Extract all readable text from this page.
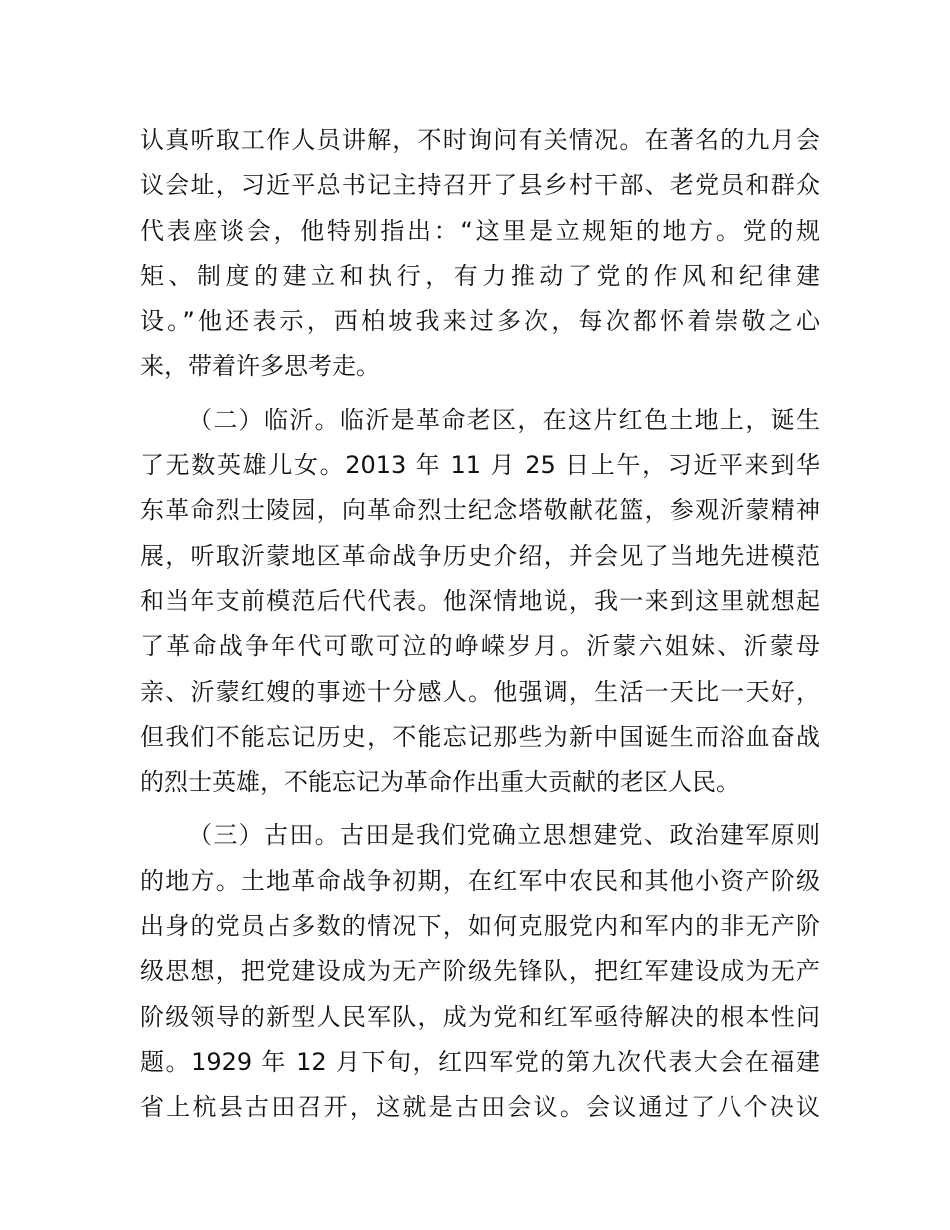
认真听取工作人员讲解，不时询问有关情况。在著名的九月会
议会址，习近平总书记主持召开了县乡村干部、老党员和群众
代表座谈会，他特别指出：“这里是立规矩的地方。党的规
矩、制度的建立和执行，有力推动了党的作风和纪律建
设。”他还表示，西柏坡我来过多次，每次都怀着崇敬之心
来，带着许多思考走。
（二）临沂。临沂是革命老区，在这片红色土地上，诞生
了无数英雄儿女。2013 年 11 月 25 日上午，习近平来到华
东革命烈士陵园，向革命烈士纪念塔敬献花篮，参观沂蒙精神
展，听取沂蒙地区革命战争历史介绍，并会见了当地先进模范
和当年支前模范后代代表。他深情地说，我一来到这里就想起
了革命战争年代可歌可泣的峥嵘岁月。沂蒙六姐妹、沂蒙母
亲、沂蒙红嫂的事迹十分感人。他强调，生活一天比一天好，
但我们不能忘记历史，不能忘记那些为新中国诞生而浴血奋战
的烈士英雄，不能忘记为革命作出重大贡献的老区人民。
（三）古田。古田是我们党确立思想建党、政治建军原则
的地方。土地革命战争初期，在红军中农民和其他小资产阶级
出身的党员占多数的情况下，如何克服党内和军内的非无产阶
级思想，把党建设成为无产阶级先锋队，把红军建设成为无产
阶级领导的新型人民军队，成为党和红军亟待解决的根本性问
题。1929 年 12 月下旬，红四军党的第九次代表大会在福建
省上杭县古田召开，这就是古田会议。会议通过了八个决议
